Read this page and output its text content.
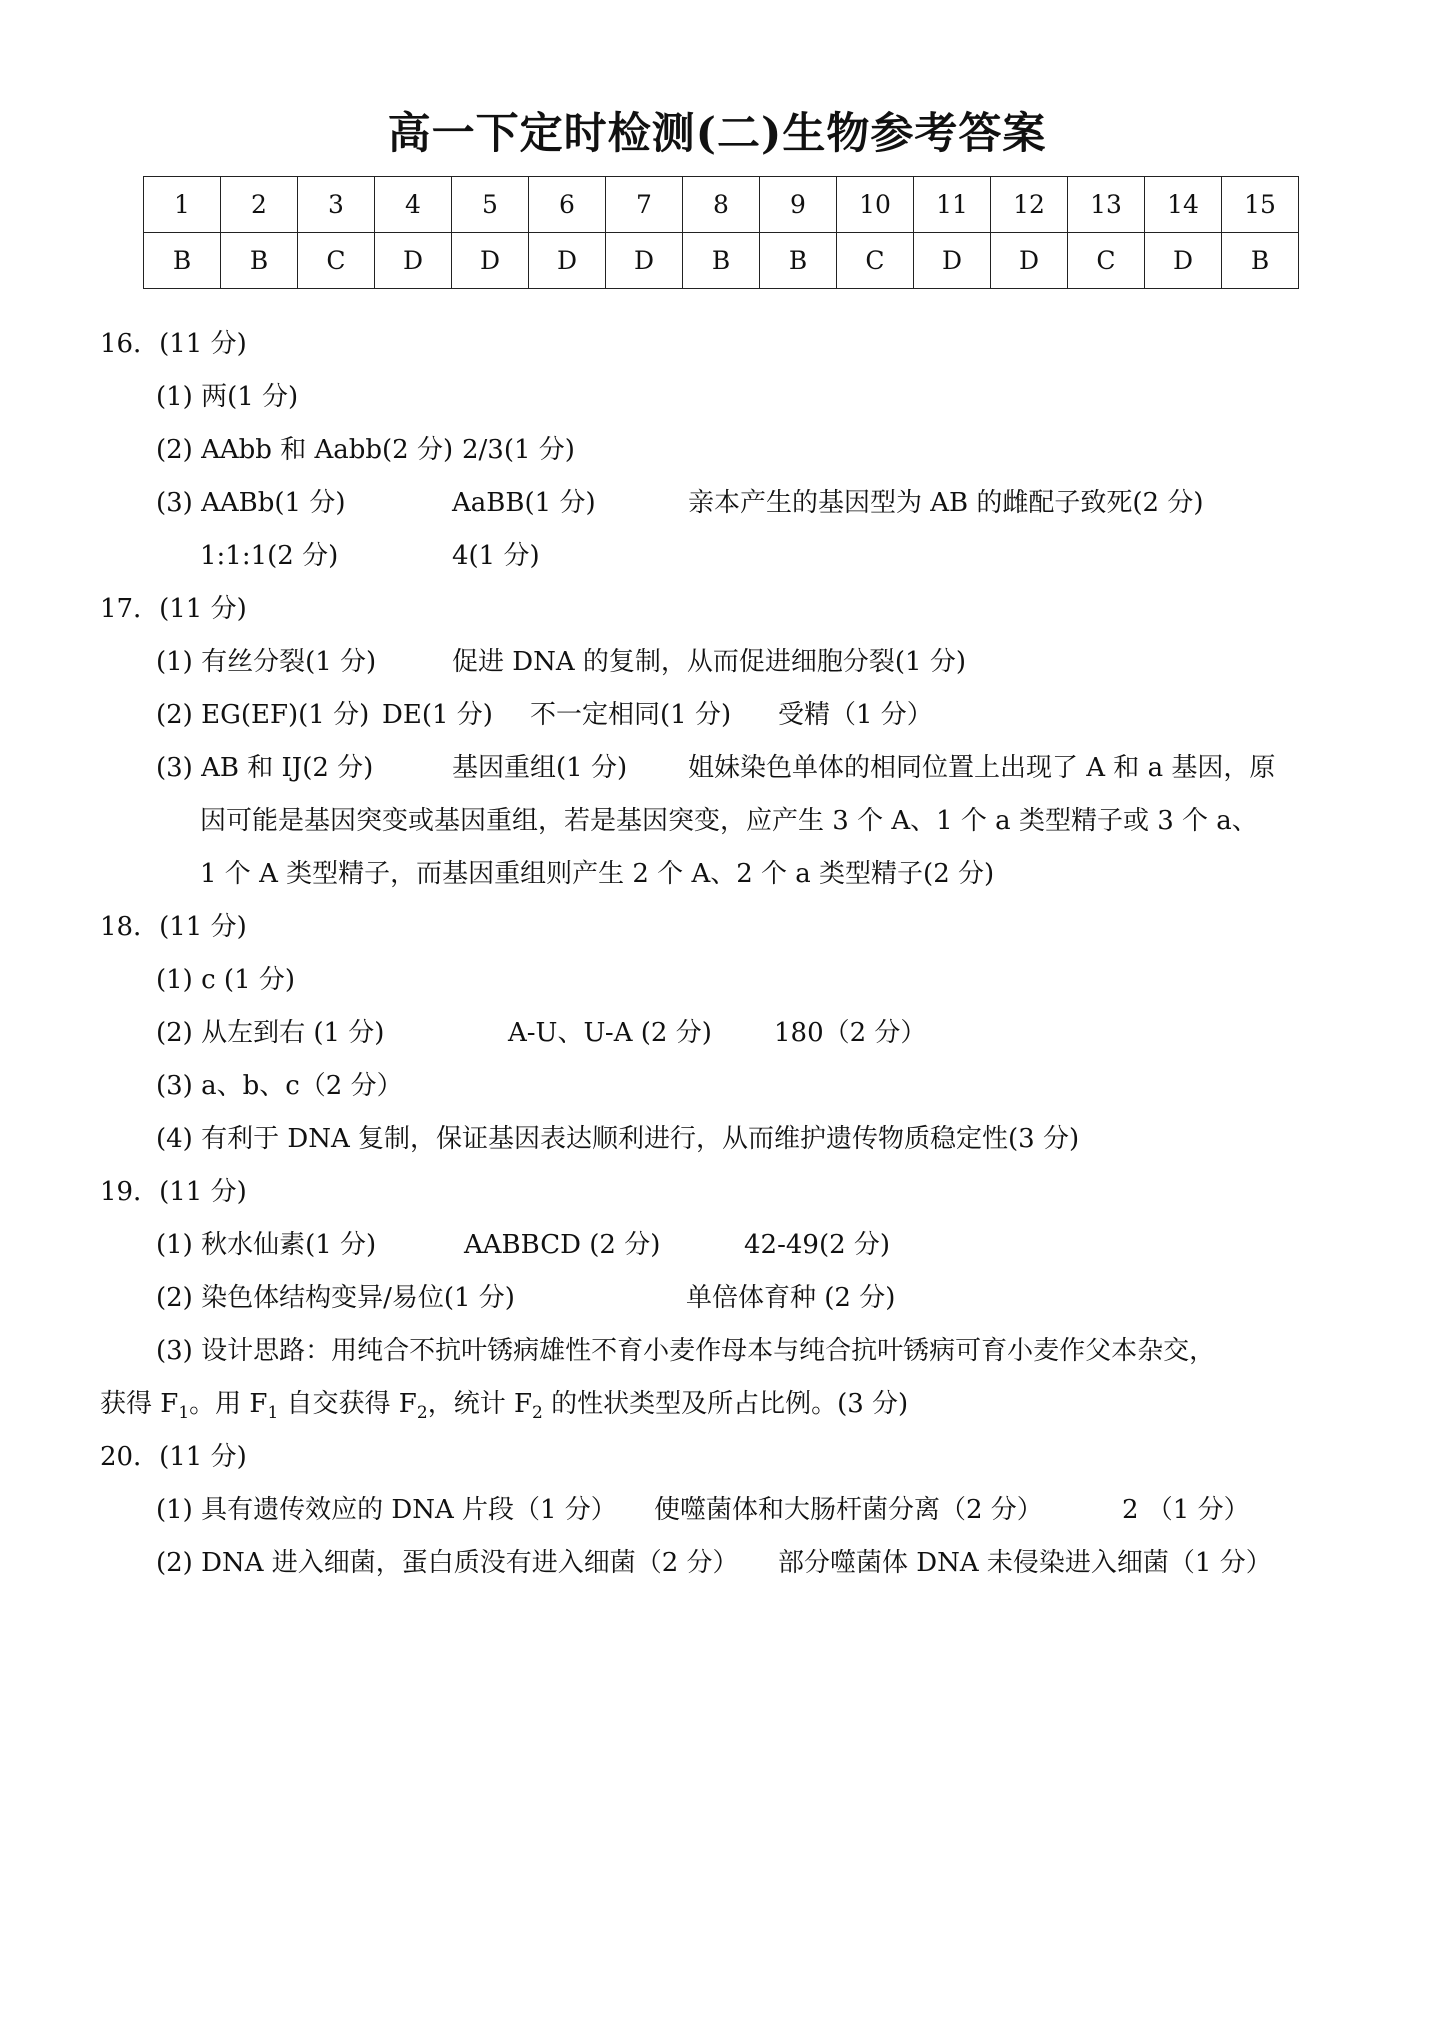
高一下定时检测(二)生物参考答案
1	2	3	4	5	6	7	8	9	10	11	12	13	14	15
B	B	C	D	D	D	D	B	B	C	D	D	C	D	B

16．(11 分)

(1) 两(1 分)

(2) AAbb 和 Aabb(2 分) 2/3(1 分)

(3) AABb(1 分)	AaBB(1 分)	亲本产生的基因型为 AB 的雌配子致死(2 分)

1:1:1(2 分)	4(1 分)

17．(11 分)

(1) 有丝分裂(1 分)	促进 DNA 的复制，从而促进细胞分裂(1 分)

(2) EG(EF)(1 分) DE(1 分) 不一定相同(1 分) 受精（1 分）

(3) AB 和 IJ(2 分)	基因重组(1 分) 姐妹染色单体的相同位置上出现了 A 和 a 基因，原

因可能是基因突变或基因重组，若是基因突变，应产生 3 个 A、1 个 a 类型精子或 3 个 a、

1 个 A 类型精子，而基因重组则产生 2 个 A、2 个 a 类型精子(2 分)

18．(11 分)

(1) c (1 分)

(2) 从左到右 (1 分)	A-U、U-A (2 分) 180（2 分）

(3) a、b、c（2 分）

(4) 有利于 DNA 复制，保证基因表达顺利进行，从而维护遗传物质稳定性(3 分)

19．(11 分)

(1) 秋水仙素(1 分)	AABBCD (2 分)	42-49(2 分)

(2) 染色体结构变异/易位(1 分)	单倍体育种 (2 分)

(3) 设计思路：用纯合不抗叶锈病雄性不育小麦作母本与纯合抗叶锈病可育小麦作父本杂交，

获得 $F_1$。用 $F_1$ 自交获得 $F_2$，统计 $F_2$ 的性状类型及所占比例。(3 分)

20．(11 分)

(1) 具有遗传效应的 DNA 片段（1 分） 使噬菌体和大肠杆菌分离（2 分）	2 （1 分）

(2) DNA 进入细菌，蛋白质没有进入细菌（2 分） 部分噬菌体 DNA 未侵染进入细菌（1 分）
